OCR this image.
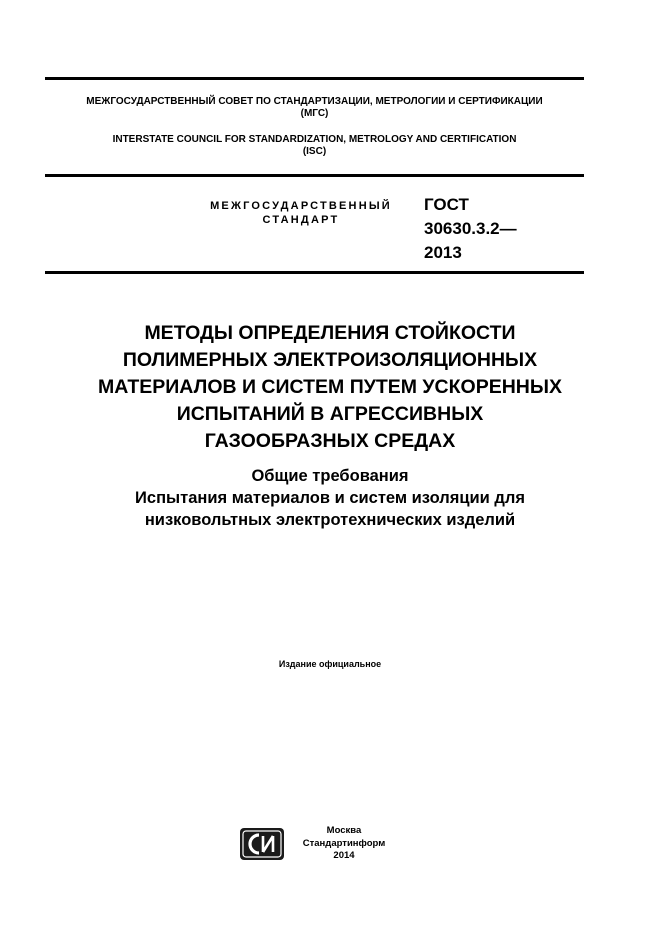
МЕЖГОСУДАРСТВЕННЫЙ СОВЕТ ПО СТАНДАРТИЗАЦИИ, МЕТРОЛОГИИ И СЕРТИФИКАЦИИ
(МГС)
INTERSTATE COUNCIL FOR STANDARDIZATION, METROLOGY AND CERTIFICATION
(ISC)
МЕЖГОСУДАРСТВЕННЫЙ
СТАНДАРТ
ГОСТ
30630.3.2—
2013
МЕТОДЫ ОПРЕДЕЛЕНИЯ СТОЙКОСТИ
ПОЛИМЕРНЫХ ЭЛЕКТРОИЗОЛЯЦИОННЫХ
МАТЕРИАЛОВ И СИСТЕМ ПУТЕМ УСКОРЕННЫХ
ИСПЫТАНИЙ В АГРЕССИВНЫХ
ГАЗООБРАЗНЫХ СРЕДАХ
Общие требования
Испытания материалов и систем изоляции для
низковольтных электротехнических изделий
Издание официальное
Москва
Стандартинформ
2014
